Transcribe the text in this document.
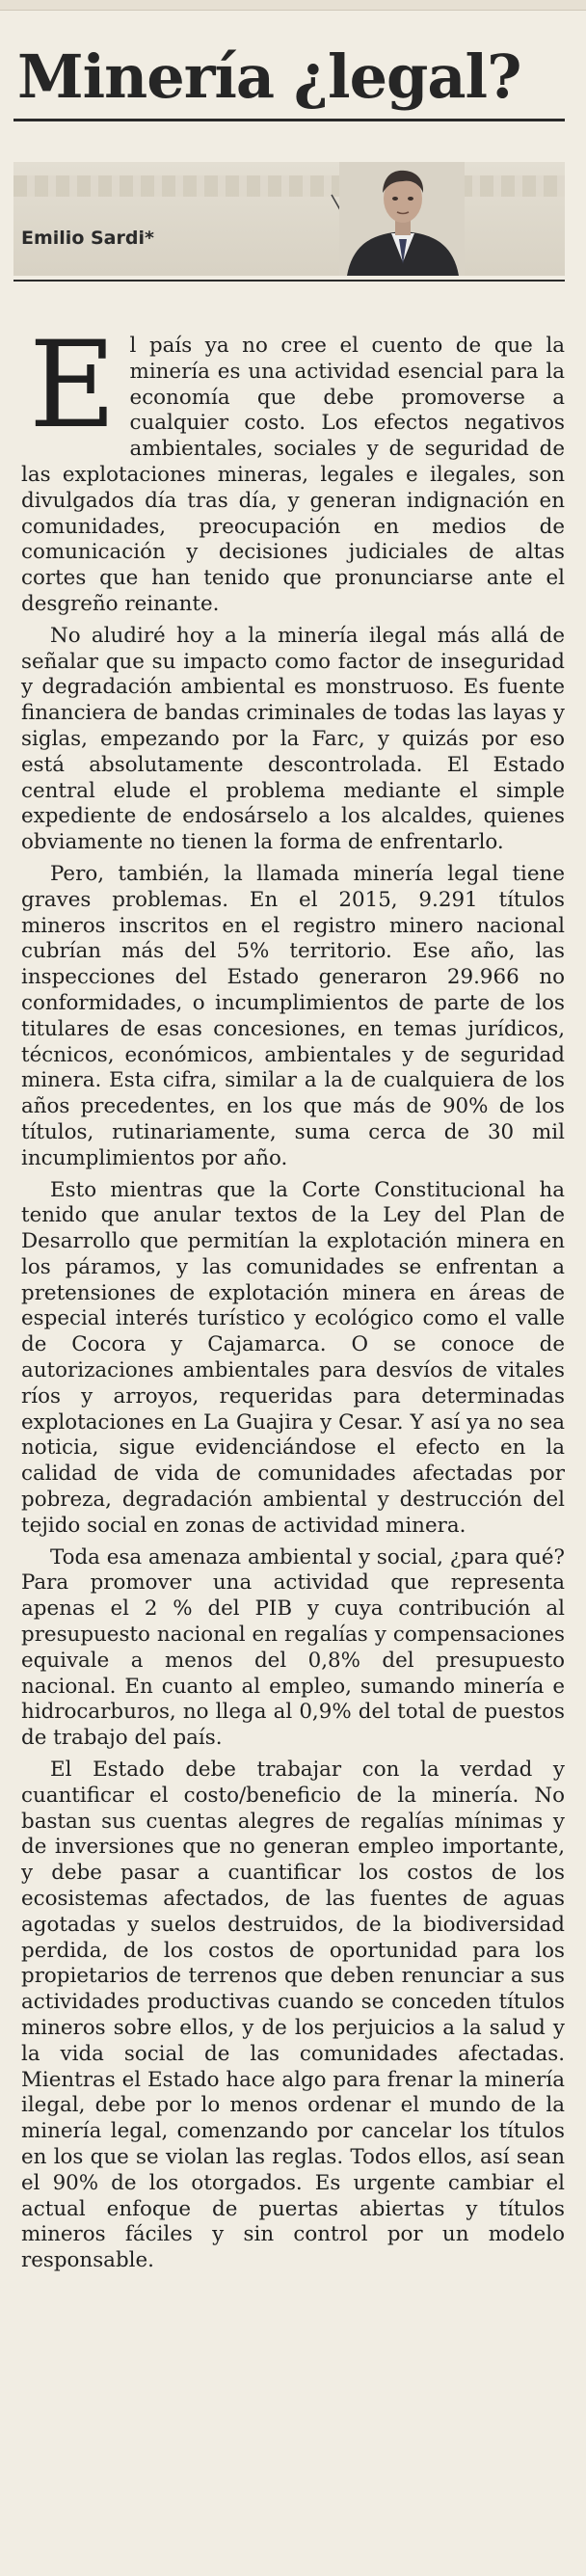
Minería ¿legal?
Emilio Sardi*

El país ya no cree el cuento de que la minería es una actividad esencial para la economía que debe promoverse a cualquier costo. Los efectos negativos ambientales, sociales y de seguridad de las explotaciones mineras, legales e ilegales, son divulgados día tras día, y generan indignación en comunidades, preocupación en medios de comunicación y decisiones judiciales de altas cortes que han tenido que pronunciarse ante el desgreño reinante.

No aludiré hoy a la minería ilegal más allá de señalar que su impacto como factor de inseguridad y degradación ambiental es monstruoso. Es fuente financiera de bandas criminales de todas las layas y siglas, empezando por la Farc, y quizás por eso está absolutamente descontrolada. El Estado central elude el problema mediante el simple expediente de endosárselo a los alcaldes, quienes obviamente no tienen la forma de enfrentarlo.

Pero, también, la llamada minería legal tiene graves problemas. En el 2015, 9.291 títulos mineros inscritos en el registro minero nacional cubrían más del 5% territorio. Ese año, las inspecciones del Estado generaron 29.966 no conformidades, o incumplimientos de parte de los titulares de esas concesiones, en temas jurídicos, técnicos, económicos, ambientales y de seguridad minera. Esta cifra, similar a la de cualquiera de los años precedentes, en los que más de 90% de los títulos, rutinariamente, suma cerca de 30 mil incumplimientos por año.

Esto mientras que la Corte Constitucional ha tenido que anular textos de la Ley del Plan de Desarrollo que permitían la explotación minera en los páramos, y las comunidades se enfrentan a pretensiones de explotación minera en áreas de especial interés turístico y ecológico como el valle de Cocora y Cajamarca. O se conoce de autorizaciones ambientales para desvíos de vitales ríos y arroyos, requeridas para determinadas explotaciones en La Guajira y Cesar. Y así ya no sea noticia, sigue evidenciándose el efecto en la calidad de vida de comunidades afectadas por pobreza, degradación ambiental y destrucción del tejido social en zonas de actividad minera.

Toda esa amenaza ambiental y social, ¿para qué? Para promover una actividad que representa apenas el 2 % del PIB y cuya contribución al presupuesto nacional en regalías y compensaciones equivale a menos del 0,8% del presupuesto nacional. En cuanto al empleo, sumando minería e hidrocarburos, no llega al 0,9% del total de puestos de trabajo del país.

El Estado debe trabajar con la verdad y cuantificar el costo/beneficio de la minería. No bastan sus cuentas alegres de regalías mínimas y de inversiones que no generan empleo importante, y debe pasar a cuantificar los costos de los ecosistemas afectados, de las fuentes de aguas agotadas y suelos destruidos, de la biodiversidad perdida, de los costos de oportunidad para los propietarios de terrenos que deben renunciar a sus actividades productivas cuando se conceden títulos mineros sobre ellos, y de los perjuicios a la salud y la vida social de las comunidades afectadas. Mientras el Estado hace algo para frenar la minería ilegal, debe por lo menos ordenar el mundo de la minería legal, comenzando por cancelar los títulos en los que se violan las reglas. Todos ellos, así sean el 90% de los otorgados. Es urgente cambiar el actual enfoque de puertas abiertas y títulos mineros fáciles y sin control por un modelo responsable.
